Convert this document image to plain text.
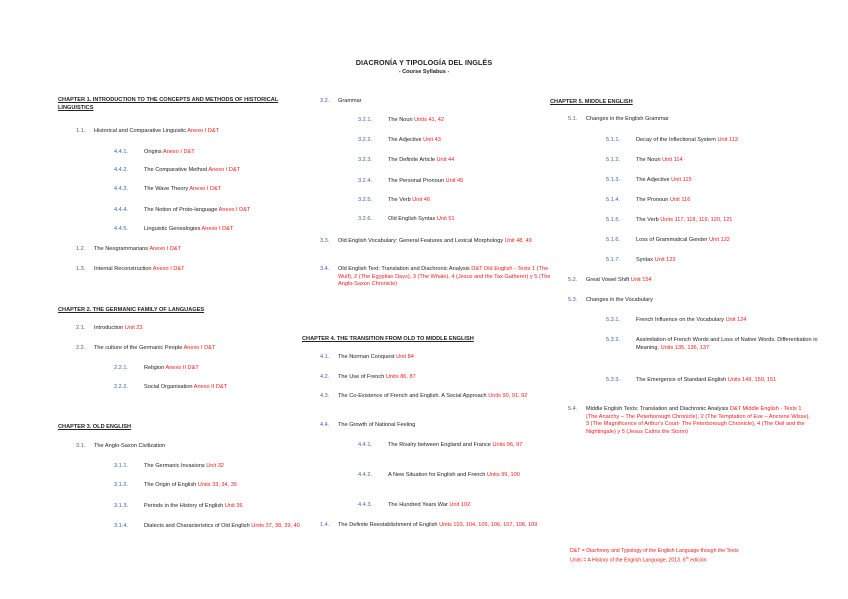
DIACRONÍA Y TIPOLOGÍA DEL INGLÉS
- Course Syllabus -
CHAPTER 1. INTRODUCTION TO THE CONCEPTS AND METHODS OF HISTORICAL LINGUISTICS
1.1. Historical and Comparative Linguistic Anexo I D&T
4.4.1.	Origins Anexo I D&T
4.4.2.	The Comparative Method Anexo I D&T
4.4.3.	The Wave Theory Anexo I D&T
4.4.4.	The Notion of Proto-language Anexo I D&T
4.4.5.	Linguistic Genealogies Anexo I D&T
1.2. The Neogrammarians Anexo I D&T
1.3. Internal Reconstruction Anexo I D&T
CHAPTER 2. THE GERMANIC FAMILY OF LANGUAGES
2.1. Introduction Unit 23
2.2. The culture of the Germanic People Anexo I D&T
2.2.1.	Religion Anexo II D&T
2.2.2.	Social Organisation Anexo II D&T
CHAPTER 3. OLD ENGLISH
3.1. The Anglo-Saxon Civilization
3.1.1.	The Germanic Invasions Unit 32
3.1.2.	The Origin of English Units 33, 34, 35
3.1.3.	Periods in the History of English Unit 36
3.1.4.	Dialects and Characteristics of Old English Units 37, 38, 39, 40
3.2. Grammar
3.2.1.	The Noun Units 41, 42
3.2.2.	The Adjective Unit 43
3.2.3.	The Definite Article Unit 44
3.2.4.	The Personal Pronoun Unit 45
3.2.5.	The Verb Unit 46
3.2.6.	Old English Syntax Unit 51
3.3. Old English Vocabulary: General Features and Lexical Morphology Unit 48, 49
3.4. Old English Text: Translation and Diachronic Analysis D&T Old English - Texts 1 (The Wulf), 2 (The Egyptian Days), 3 (The Whale), 4 (Jesus and the Tax Gatherer) y 5 (The Anglo-Saxon Chronicle)
CHAPTER 4. THE TRANSITION FROM OLD TO MIDDLE ENGLISH
4.1. The Norman Conquest Unit 84
4.2. The Use of French Units 86, 87
4.3. The Co-Existence of French and English. A Social Approach Units 90, 91, 92
4.4. The Growth of National Feeling
4.4.1.	The Rivalry between England and France Units 96, 97
4.4.2.	A New Situation for English and French Units 99, 100
4.4.3.	The Hundred Years War Unit 102
1.4. The Definite Reestablishment of English Units 103, 104, 105, 106, 107, 108, 109
CHAPTER 5. MIDDLE ENGLISH
5.1. Changes in the English Grammar
5.1.1.	Decay of the Inflectional System Unit 113
5.1.2.	The Noun Unit 114
5.1.3.	The Adjective Unit 115
5.1.4.	The Pronoun Unit 116
5.1.5.	The Verb Units 117, 118, 119, 120, 121
5.1.6.	Loss of Grammatical Gender Unit 122
5.1.7.	Syntax Unit 123
5.2. Great Vowel Shift Unit 154
5.3. Changes in the Vocabulary
5.3.1.	French Influence on the Vocabulary Unit 124
5.3.2.	Assimilation of French Words and Loss of Native Words. Differentiation in Meaning. Units 135, 136, 137
5.3.3.	The Emergence of Standard English Units 149, 150, 151
5.4. Middle English Texts: Translation and Diachronic Analysis D&T Middle English - Texts 1 (The Anarchy – The Peterborough Chronicle), 2 (The Temptation of Eve – Ancrene Wisse), 3 (The Magnificence of Arthur's Court- The Peterborough Chronicle), 4 (The Owl and the Nightingale) y 5 (Jesus Calms the Storm)
D&T = Diachrony and Typology of the English Language though the Texts
Units = A History of the English Language, 2013. 6th edición
